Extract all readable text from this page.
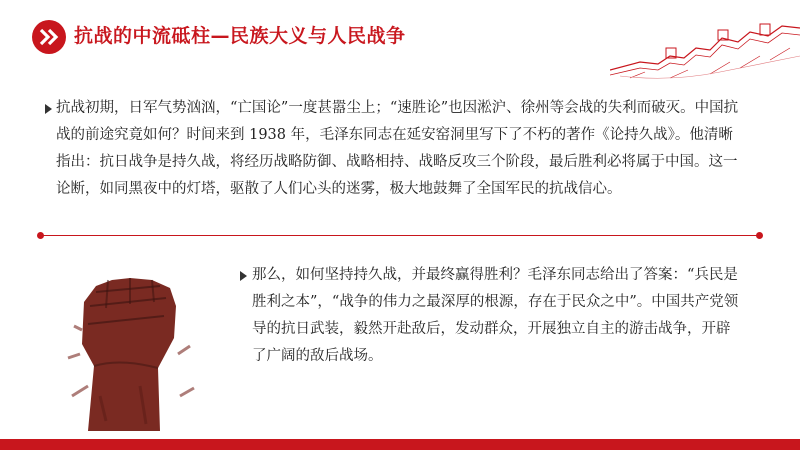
抗战的中流砥柱—民族大义与人民战争

抗战初期，日军气势汹汹，“亡国论”一度甚嚣尘上；“速胜论”也因淞沪、徐州等会战的失利而破灭。中国抗战的前途究竟如何？时间来到 1938 年，毛泽东同志在延安窑洞里写下了不朽的著作《论持久战》。他清晰指出：抗日战争是持久战，将经历战略防御、战略相持、战略反攻三个阶段，最后胜利必将属于中国。这一论断，如同黑夜中的灯塔，驱散了人们心头的迷雾，极大地鼓舞了全国军民的抗战信心。

那么，如何坚持持久战，并最终赢得胜利？毛泽东同志给出了答案：“兵民是胜利之本”，“战争的伟力之最深厚的根源，存在于民众之中”。中国共产党领导的抗日武装，毅然开赴敌后，发动群众，开展独立自主的游击战争，开辟了广阔的敌后战场。
